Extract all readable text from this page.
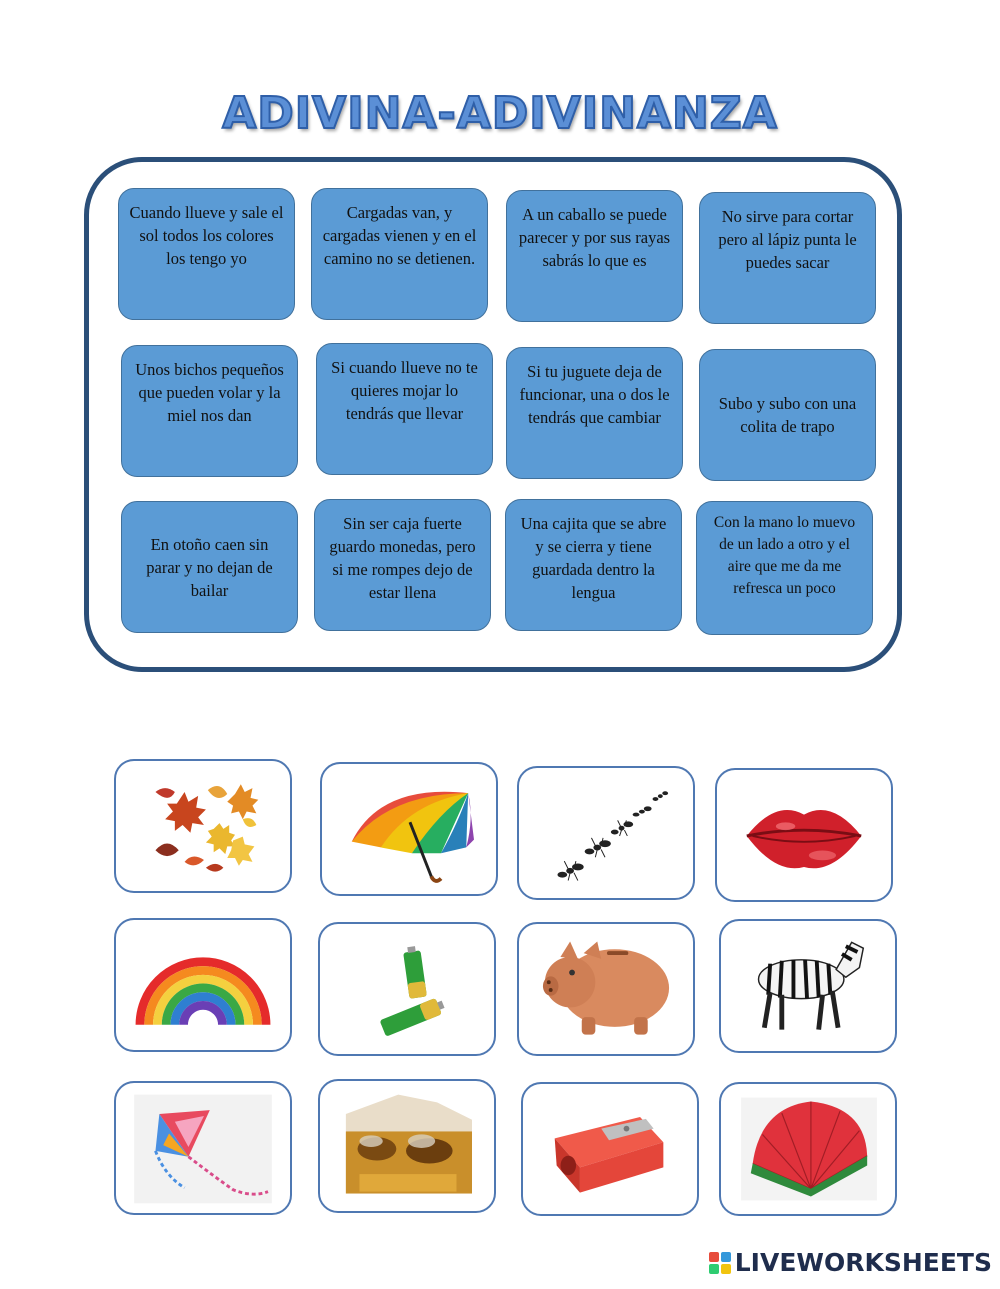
ADIVINA-ADIVINANZA
Cuando llueve y sale el sol todos los colores los tengo yo
Cargadas van, y cargadas vienen y en el camino no se detienen.
A un caballo se puede parecer y por sus rayas sabrás lo que es
No sirve para cortar pero al lápiz punta le puedes sacar
Unos bichos pequeños que pueden volar y la miel nos dan
Si cuando llueve no te quieres mojar lo tendrás que llevar
Si tu juguete deja de funcionar, una o dos le tendrás que cambiar
Subo y subo con una colita de trapo
En otoño caen sin parar y no dejan de bailar
Sin ser caja fuerte guardo monedas, pero si me rompes dejo de estar llena
Una cajita que se abre y se cierra y tiene guardada dentro la lengua
Con la mano lo muevo de un lado a otro y el aire que me da me refresca un poco
LIVEWORKSHEETS
